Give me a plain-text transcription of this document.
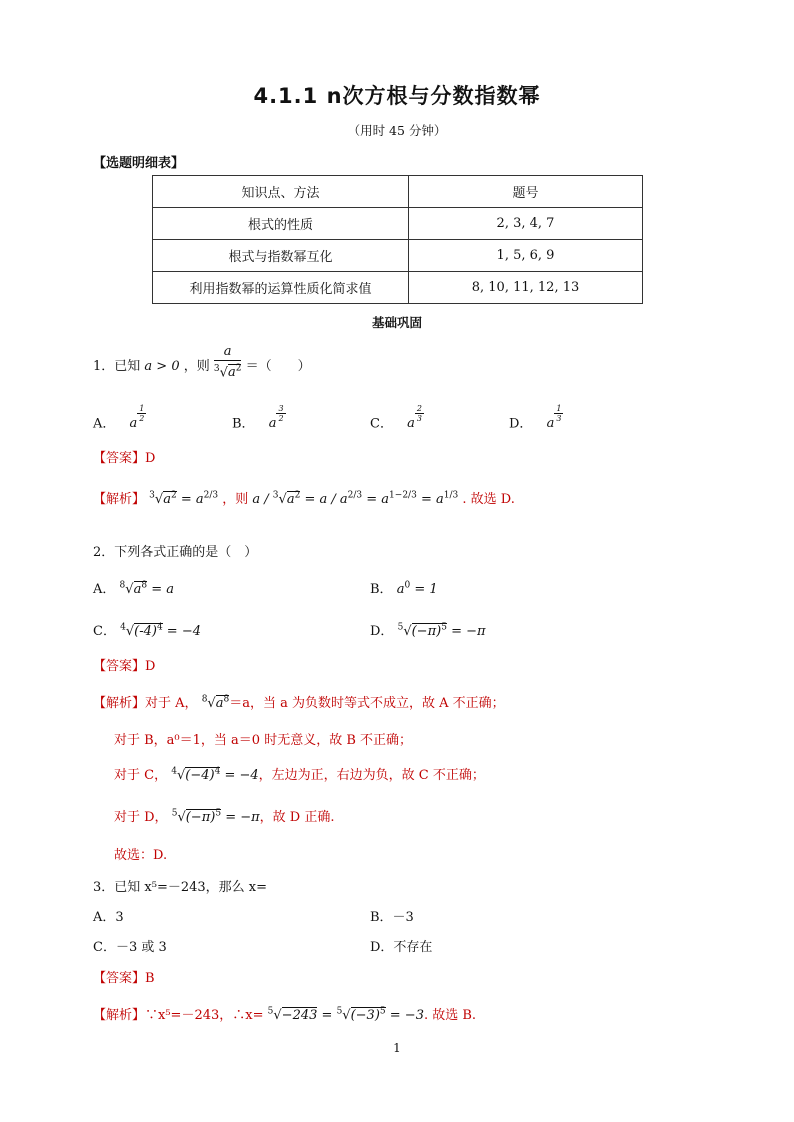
4.1.1 n次方根与分数指数幂
（用时 45 分钟）
【选题明细表】
知识点、方法	题号
根式的性质	2, 3, 4, 7
根式与指数幂互化	1, 5, 6, 9
利用指数幂的运算性质化简求值	8, 10, 11, 12, 13
基础巩固
1．已知 a > 0 ，则 $\frac{a}{^3√a^2}$ ＝（　　）
A． a
$^{\frac{1}{2}}$
B． a
$^{\frac{3}{2}}$
C． a
$^{\frac{2}{3}}$
D． a
$^{\frac{1}{3}}$
【答案】D
【解析】 $^3√a^2 = a^{2/3}$ ，则 $a / ^3√a^2 = a / a^{2/3} = a^{1-2/3} = a^{1/3}$ . 故选 D.
2．下列各式正确的是（　）
A． $^8√a^8 = a$	B． $a^0 = 1$
C． $^4√(-4)^4 = -4$	D． $^5√(-\pi)^5 = -\pi$
【答案】D
【解析】对于 A， $^8√a^8=a$，当 a 为负数时等式不成立，故 A 不正确；
对于 B，a⁰＝1，当 a＝0 时无意义，故 B 不正确；
对于 C， $^4√(-4)^4 = -4$，左边为正，右边为负，故 C 不正确；
对于 D， $^5√(-\pi)^5 = -\pi$，故 D 正确.
故选：D.
3．已知 x⁵=－243，那么 x=
A．3	B．－3
C．－3 或 3	D．不存在
【答案】B
【解析】∵x⁵=－243，∴x= $^5√-243 = ^5√(-3)^5 = -3$. 故选 B.
1
